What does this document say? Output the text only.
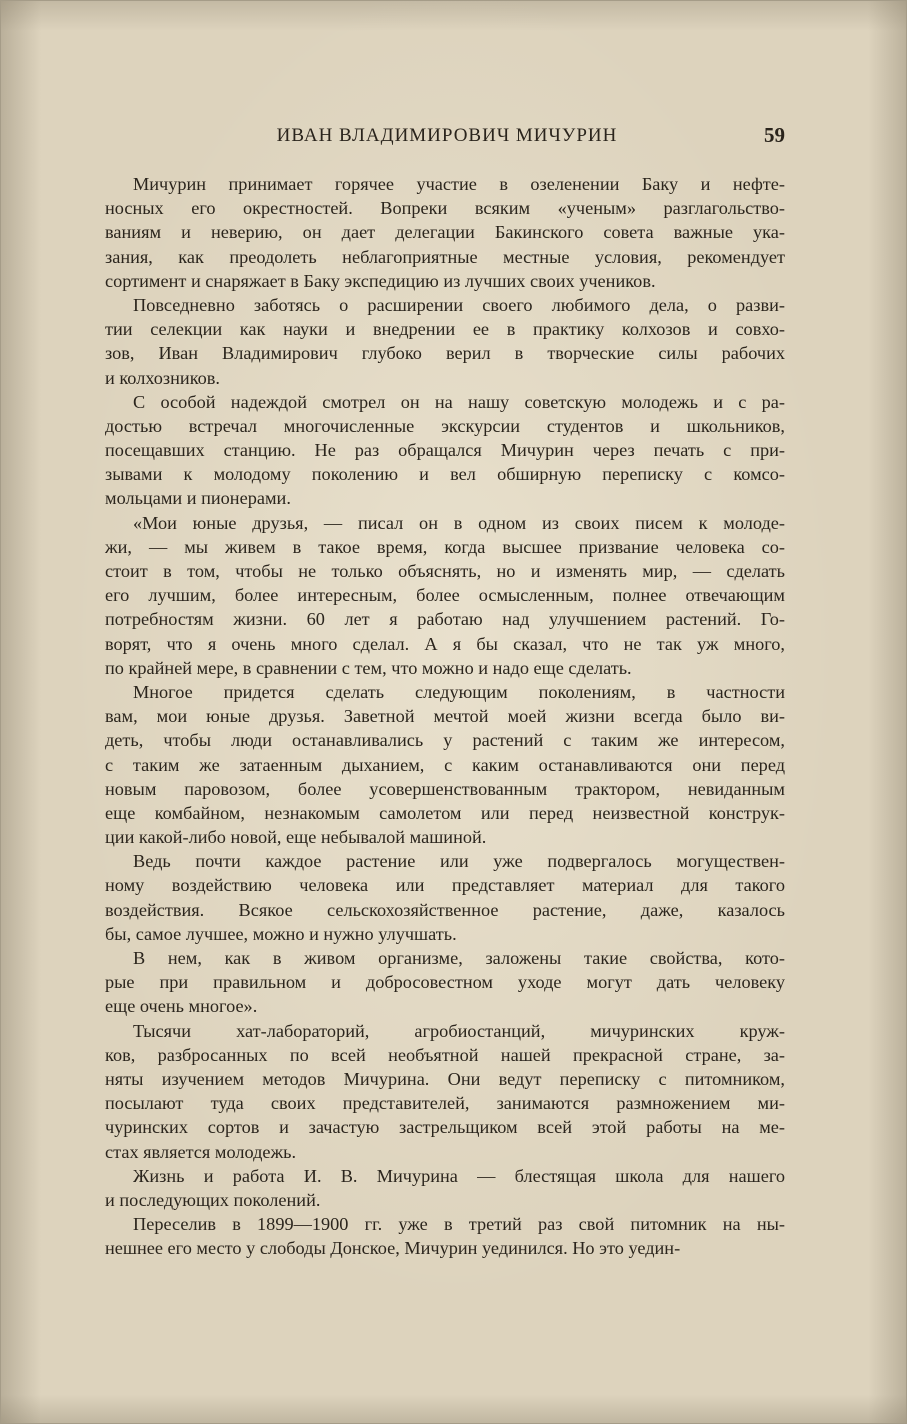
ИВАН ВЛАДИМИРОВИЧ МИЧУРИН	59
Мичурин принимает горячее участие в озеленении Баку и нефте-
носных его окрестностей. Вопреки всяким «ученым» разглагольство-
ваниям и неверию, он дает делегации Бакинского совета важные ука-
зания, как преодолеть неблагоприятные местные условия, рекомендует
сортимент и снаряжает в Баку экспедицию из лучших своих учеников.
Повседневно заботясь о расширении своего любимого дела, о разви-
тии селекции как науки и внедрении ее в практику колхозов и совхо-
зов, Иван Владимирович глубоко верил в творческие силы рабочих
и колхозников.
С особой надеждой смотрел он на нашу советскую молодежь и с ра-
достью встречал многочисленные экскурсии студентов и школьников,
посещавших станцию. Не раз обращался Мичурин через печать с при-
зывами к молодому поколению и вел обширную переписку с комсо-
мольцами и пионерами.
«Мои юные друзья, — писал он в одном из своих писем к молоде-
жи, — мы живем в такое время, когда высшее призвание человека со-
стоит в том, чтобы не только объяснять, но и изменять мир, — сделать
его лучшим, более интересным, более осмысленным, полнее отвечающим
потребностям жизни. 60 лет я работаю над улучшением растений. Го-
ворят, что я очень много сделал. А я бы сказал, что не так уж много,
по крайней мере, в сравнении с тем, что можно и надо еще сделать.
Многое придется сделать следующим поколениям, в частности
вам, мои юные друзья. Заветной мечтой моей жизни всегда было ви-
деть, чтобы люди останавливались у растений с таким же интересом,
с таким же затаенным дыханием, с каким останавливаются они перед
новым паровозом, более усовершенствованным трактором, невиданным
еще комбайном, незнакомым самолетом или перед неизвестной конструк-
ции какой-либо новой, еще небывалой машиной.
Ведь почти каждое растение или уже подвергалось могуществен-
ному воздействию человека или представляет материал для такого
воздействия. Всякое сельскохозяйственное растение, даже, казалось
бы, самое лучшее, можно и нужно улучшать.
В нем, как в живом организме, заложены такие свойства, кото-
рые при правильном и добросовестном уходе могут дать человеку
еще очень многое».
Тысячи хат-лабораторий, агробиостанций, мичуринских круж-
ков, разбросанных по всей необъятной нашей прекрасной стране, за-
няты изучением методов Мичурина. Они ведут переписку с питомником,
посылают туда своих представителей, занимаются размножением ми-
чуринских сортов и зачастую застрельщиком всей этой работы на ме-
стах является молодежь.
Жизнь и работа И. В. Мичурина — блестящая школа для нашего
и последующих поколений.
Переселив в 1899—1900 гг. уже в третий раз свой питомник на ны-
нешнее его место у слободы Донское, Мичурин уединился. Но это уедин-
